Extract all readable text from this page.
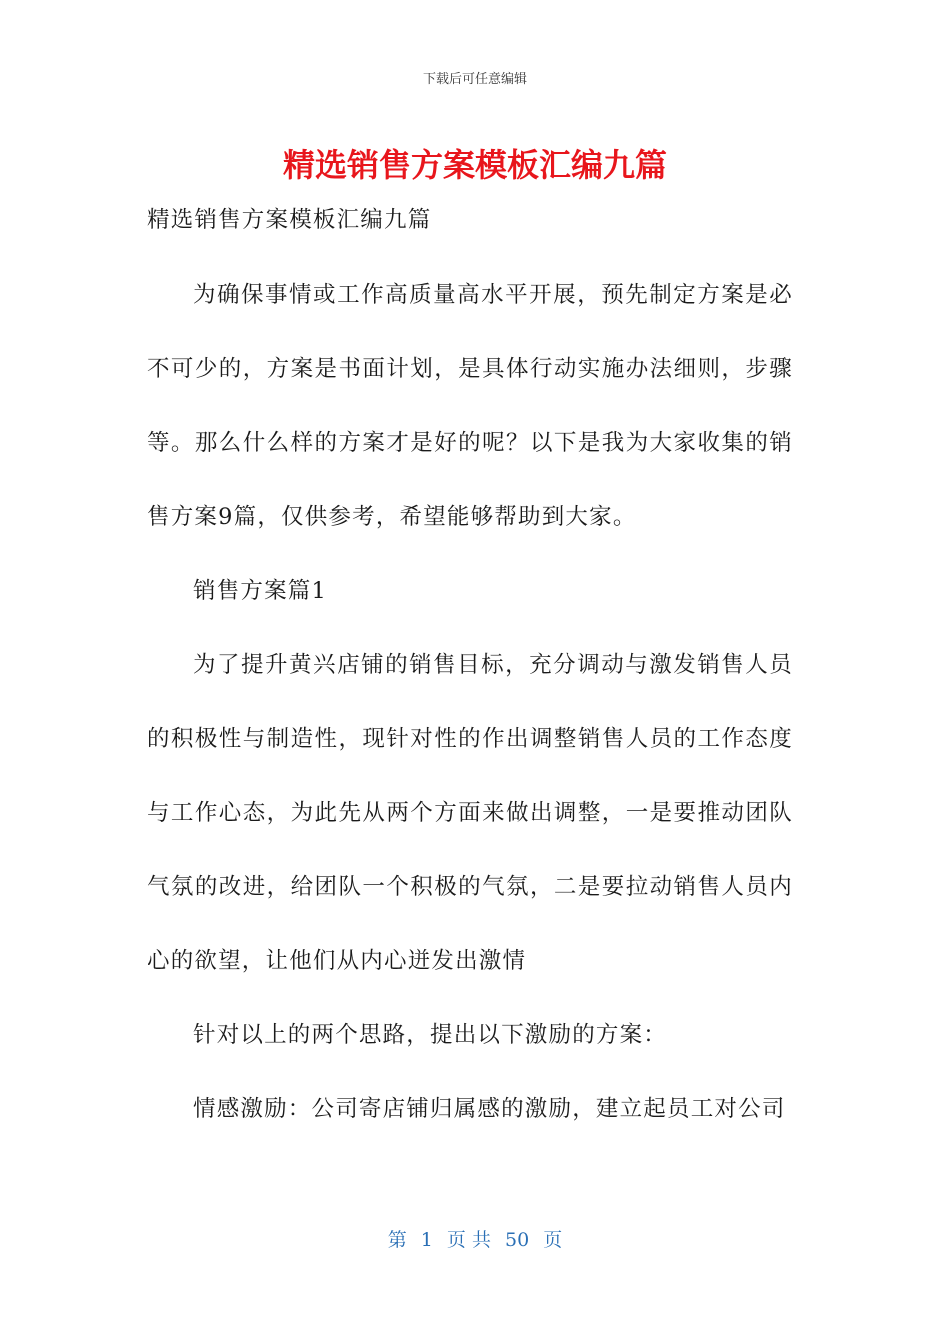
下载后可任意编辑
精选销售方案模板汇编九篇

精选销售方案模板汇编九篇

为确保事情或工作高质量高水平开展，预先制定方案是必不可少的，方案是书面计划，是具体行动实施办法细则，步骤等。那么什么样的方案才是好的呢？以下是我为大家收集的销售方案9篇，仅供参考，希望能够帮助到大家。

销售方案篇1

为了提升黄兴店铺的销售目标，充分调动与激发销售人员的积极性与制造性，现针对性的作出调整销售人员的工作态度与工作心态，为此先从两个方面来做出调整，一是要推动团队气氛的改进，给团队一个积极的气氛，二是要拉动销售人员内心的欲望，让他们从内心迸发出激情

针对以上的两个思路，提出以下激励的方案：

情感激励：公司寄店铺归属感的激励，建立起员工对公司

第 1 页 共 50 页
